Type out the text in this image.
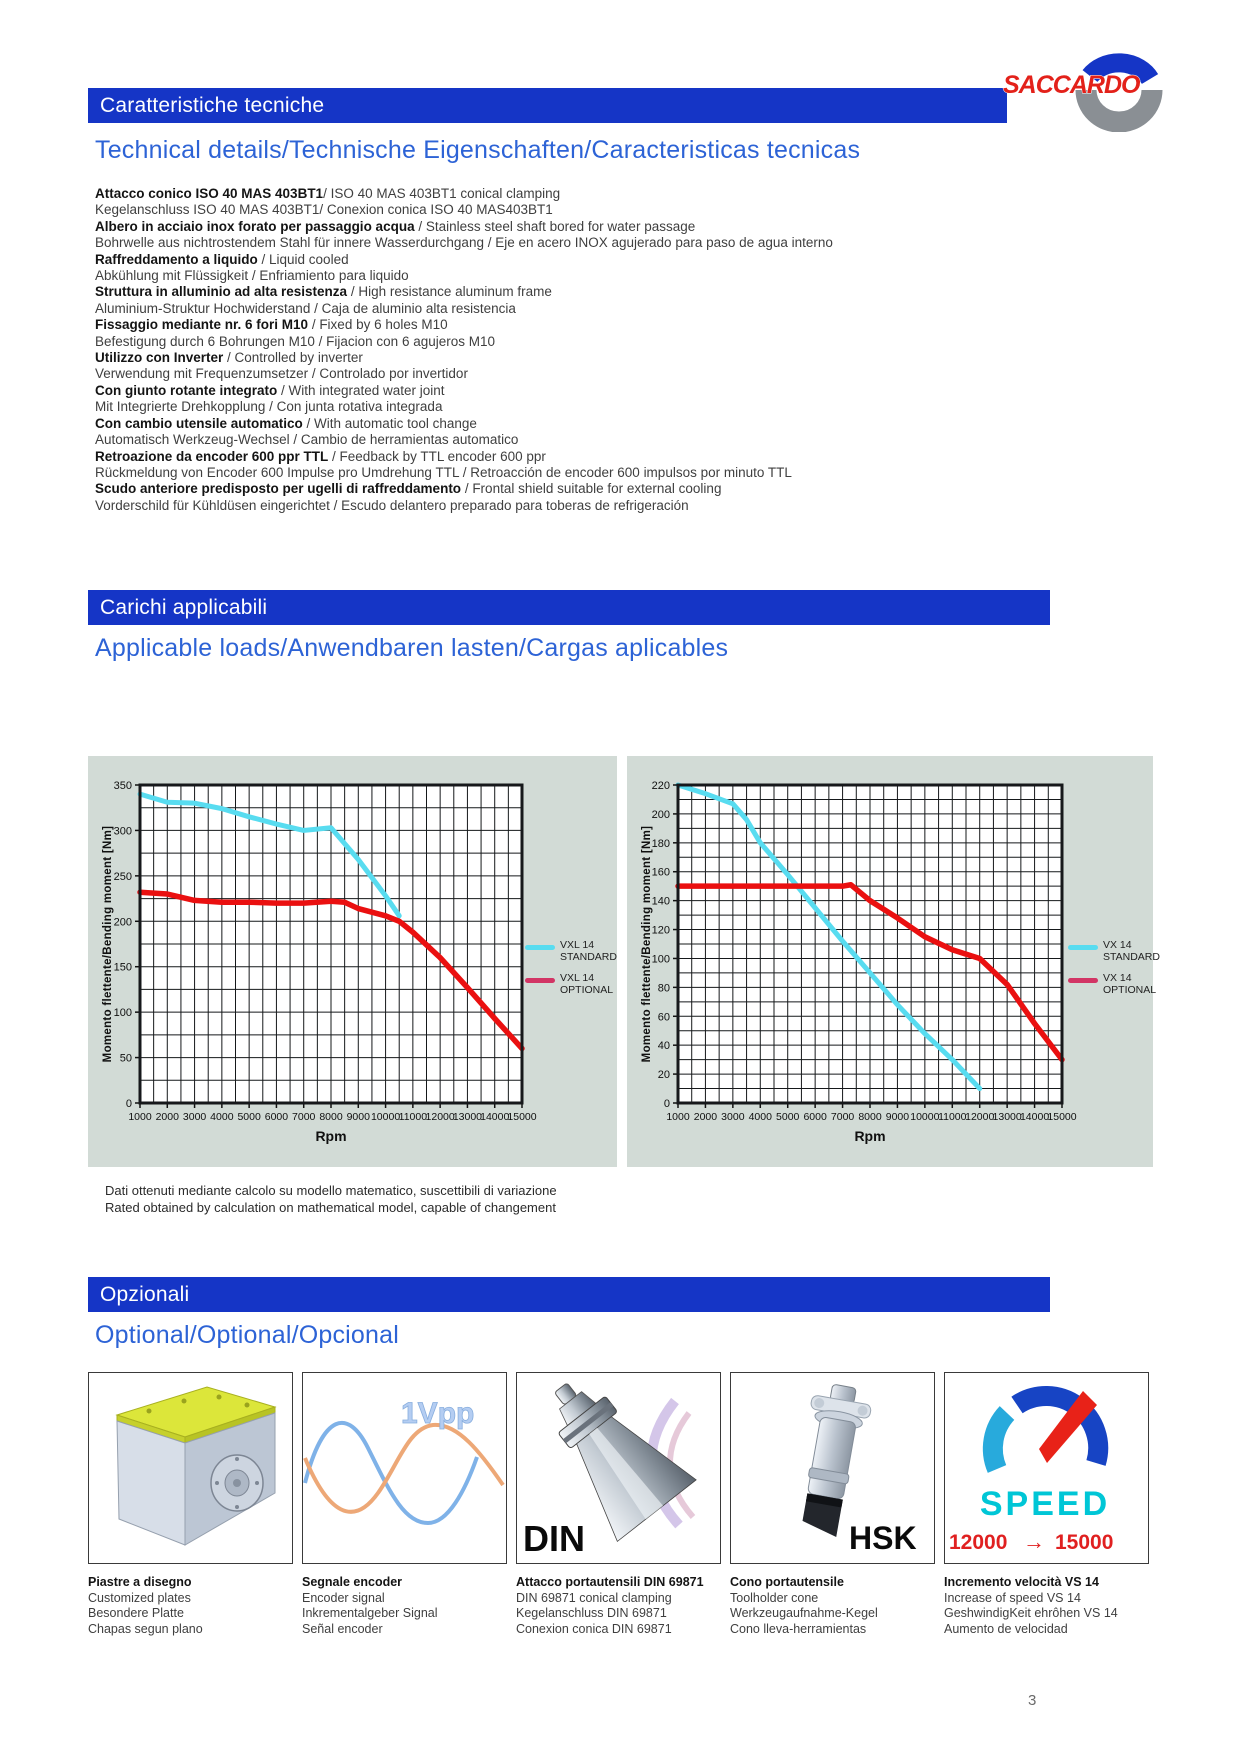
Caratteristiche tecniche
SACCARDO
Technical details/Technische Eigenschaften/Caracteristicas tecnicas
Attacco conico ISO 40 MAS 403BT1/ ISO 40 MAS 403BT1 conical clamping
Kegelanschluss ISO 40 MAS 403BT1/ Conexion conica ISO 40 MAS403BT1
Albero in acciaio inox forato per passaggio acqua / Stainless steel shaft bored for water passage
Bohrwelle aus nichtrostendem Stahl für innere Wasserdurchgang / Eje en acero INOX agujerado para paso de agua interno
Raffreddamento a liquido / Liquid cooled
Abkühlung mit Flüssigkeit / Enfriamiento para liquido
Struttura in alluminio ad alta resistenza / High resistance aluminum frame
Aluminium-Struktur Hochwiderstand / Caja de aluminio alta resistencia
Fissaggio mediante nr. 6 fori M10 / Fixed by 6 holes M10
Befestigung durch 6 Bohrungen M10 / Fijacion con 6 agujeros M10
Utilizzo con Inverter / Controlled by inverter
Verwendung mit Frequenzumsetzer / Controlado por invertidor
Con giunto rotante integrato / With integrated water joint
Mit Integrierte Drehkopplung / Con junta rotativa integrada
Con cambio utensile automatico / With automatic tool change
Automatisch Werkzeug-Wechsel / Cambio de herramientas automatico
Retroazione da encoder 600 ppr TTL / Feedback by TTL encoder 600 ppr
Rückmeldung von Encoder 600 Impulse pro Umdrehung TTL / Retroacción de encoder 600 impulsos por minuto TTL
Scudo anteriore predisposto per ugelli di raffreddamento / Frontal shield suitable for external cooling
Vorderschild für Kühldüsen eingerichtet / Escudo delantero preparado para toberas de refrigeración
Carichi applicabili
Applicable loads/Anwendbaren lasten/Cargas aplicables
Momento flettente/Bending moment [Nm]
1000 2000 3000 4000 5000 6000 7000 8000 9000 10000
11000
12000
13000
14000
15000
0
50
100
150
200
250
300
350
Rpm
VXL 14
STANDARD
VXL 14
OPTIONAL Momento flettente/Bending moment [Nm]
1000 2000 3000 4000 5000 6000 7000 8000 9000 10000
11000
12000
13000
14000
15000
0
20
40
60
80
100
120
140
160
180
200
220
Rpm
VX 14
STANDARD
VX 14
OPTIONAL
Dati ottenuti mediante calcolo su modello matematico, suscettibili di variazione
Rated obtained by calculation on mathematical model, capable of changement
Opzionali
Optional/Optional/Opcional
1Vpp
DIN	HSK
SPEED
12000 → 15000
Piastre a disegno
Customized plates
Besondere Platte
Chapas segun plano
Segnale encoder
Encoder signal
Inkrementalgeber Signal
Señal encoder
Attacco portautensili DIN 69871
DIN 69871 conical clamping
Kegelanschluss DIN 69871
Conexion conica DIN 69871
Cono portautensile
Toolholder cone
Werkzeugaufnahme-Kegel
Cono lleva-herramientas
Incremento velocità VS 14
Increase of speed VS 14
GeshwindigKeit ehrôhen VS 14
Aumento de velocidad
3
